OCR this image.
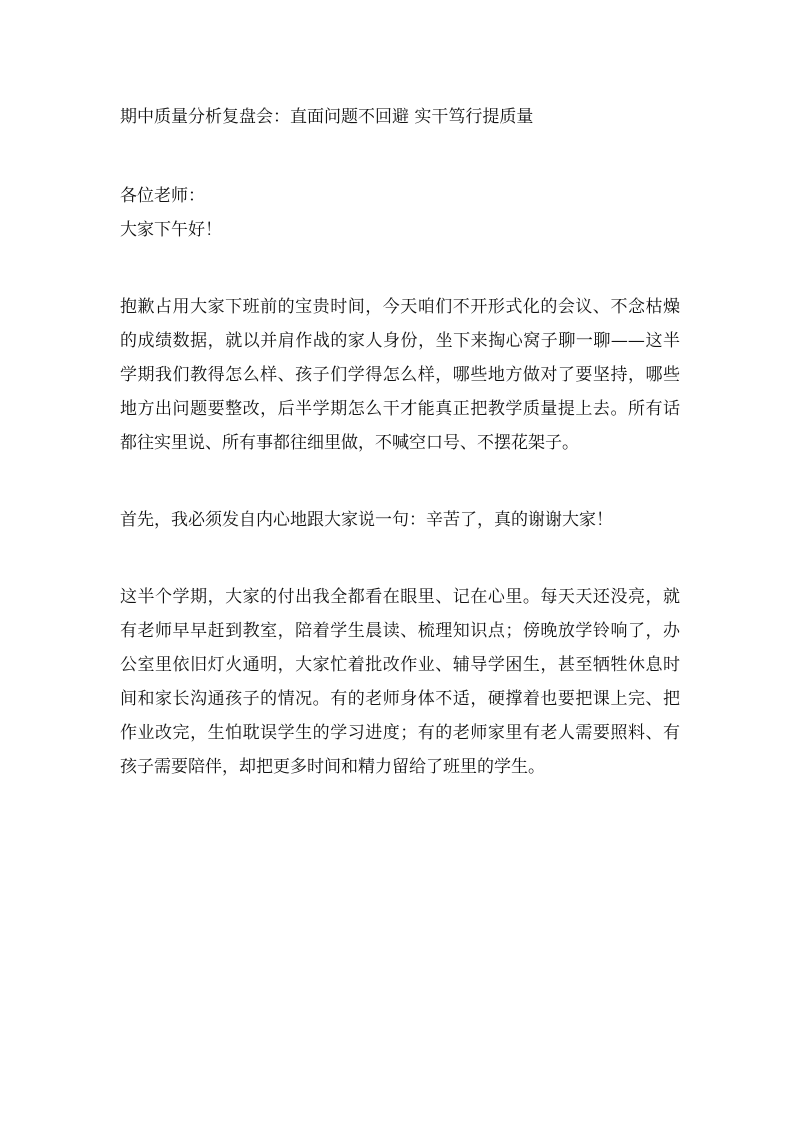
期中质量分析复盘会：直面问题不回避 实干笃行提质量

各位老师：

大家下午好！

抱歉占用大家下班前的宝贵时间，今天咱们不开形式化的会议、不念枯燥的成绩数据，就以并肩作战的家人身份，坐下来掏心窝子聊一聊——这半学期我们教得怎么样、孩子们学得怎么样，哪些地方做对了要坚持，哪些地方出问题要整改，后半学期怎么干才能真正把教学质量提上去。所有话都往实里说、所有事都往细里做，不喊空口号、不摆花架子。

首先，我必须发自内心地跟大家说一句：辛苦了，真的谢谢大家！

这半个学期，大家的付出我全都看在眼里、记在心里。每天天还没亮，就有老师早早赶到教室，陪着学生晨读、梳理知识点；傍晚放学铃响了，办公室里依旧灯火通明，大家忙着批改作业、辅导学困生，甚至牺牲休息时间和家长沟通孩子的情况。有的老师身体不适，硬撑着也要把课上完、把作业改完，生怕耽误学生的学习进度；有的老师家里有老人需要照料、有孩子需要陪伴，却把更多时间和精力留给了班里的学生。
